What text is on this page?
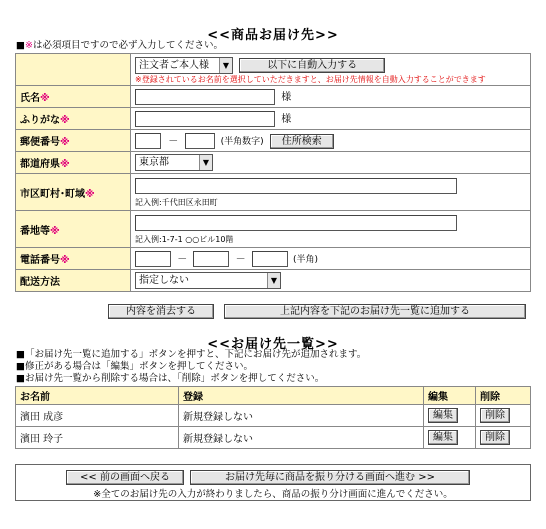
<<商品お届け先>>
■※は必須項目ですので必ず入力してください。

	注文者ご本人様 ▼ 以下に自動入力する
※登録されているお名前を選択していただきますと、お届け先情報を自動入力することができます

氏名※	様
ふりがな※	様
郵便番号※	－ (半角数字) 住所検索
都道府県※	東京都 ▼

市区町村･町域※	記入例:千代田区永田町

番地等※	記入例:1-7-1 ○○ビル10階

電話番号※	－ － (半角)
配送方法	指定しない ▼
内容を消去する	上記内容を下記のお届け先一覧に追加する
<<お届け先一覧>>
■「お届け先一覧に追加する」ボタンを押すと、下記にお届け先が追加されます。
■修正がある場合は「編集」ボタンを押してください。
■お届け先一覧から削除する場合は、「削除」ボタンを押してください。
お名前	登録	編集	削除
濱田 成彦	新規登録しない	編集	削除
濱田 玲子	新規登録しない	編集	削除
<< 前の画面へ戻る	お届け先毎に商品を振り分ける画面へ進む >>
※全てのお届け先の入力が終わりましたら、商品の振り分け画面に進んでください。
